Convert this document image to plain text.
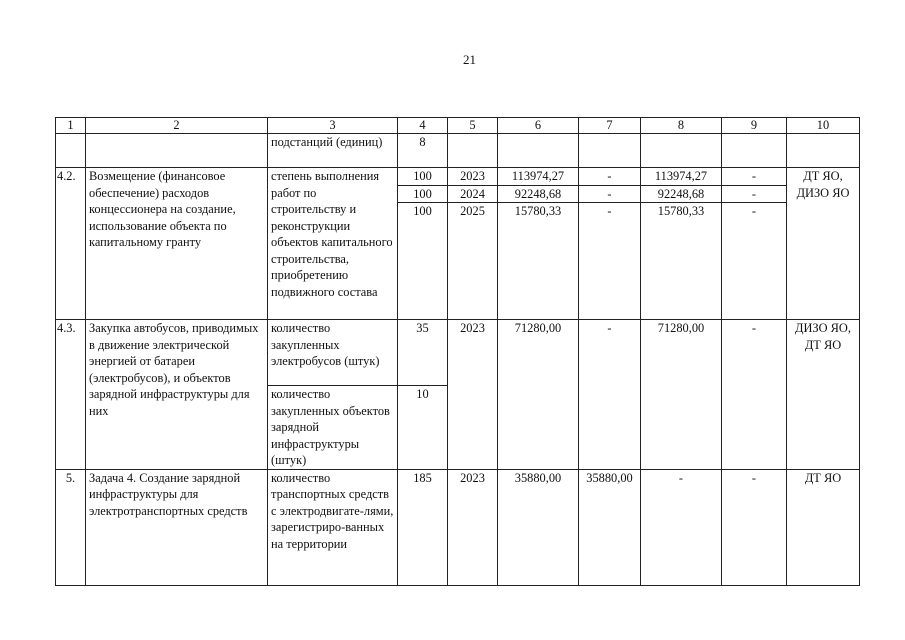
21
1	2	3	4	5	6	7	8	9	10
		подстанций (единиц)	8						
4.2.	Возмещение (финансовое обеспечение) расходов концессионера на создание, использование объекта по капитальному гранту	степень выполнения работ по строительству и реконструкции объектов капитального строительства, приобретению подвижного состава	100	2023	113974,27	-	113974,27	-	ДТ ЯО, ДИЗО ЯО
			100	2024	92248,68	-	92248,68	-	
			100	2025	15780,33	-	15780,33	-	
4.3.	Закупка автобусов, приводимых в движение электрической энергией от батареи (электробусов), и объектов зарядной инфраструктуры для них	количество закупленных электробусов (штук)	35	2023	71280,00	-	71280,00	-	ДИЗО ЯО, ДТ ЯО
		количество закупленных объектов зарядной инфраструктуры (штук)	10						
5.	Задача 4. Создание зарядной инфраструктуры для электротранспортных средств	количество транспортных средств с электродвигате-лями, зарегистриро-ванных на территории	185	2023	35880,00	35880,00	-	-	ДТ ЯО
